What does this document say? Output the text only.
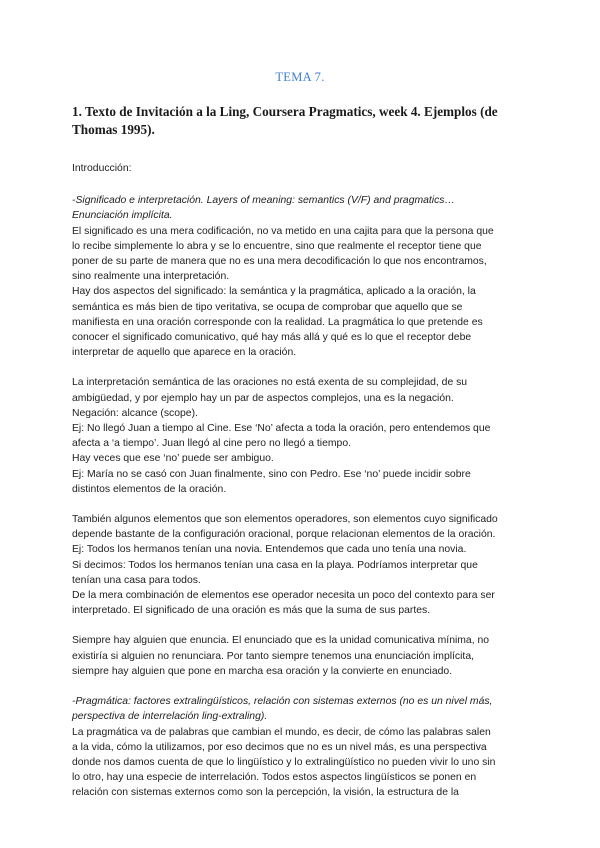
TEMA 7.
1. Texto de Invitación a la Ling, Coursera Pragmatics, week 4. Ejemplos (de Thomas 1995).
Introducción:
-Significado e interpretación. Layers of meaning: semantics (V/F) and pragmatics…
Enunciación implícita.
El significado es una mera codificación, no va metido en una cajita para que la persona que
lo recibe simplemente lo abra y se lo encuentre, sino que realmente el receptor tiene que
poner de su parte de manera que no es una mera decodificación lo que nos encontramos,
sino realmente una interpretación.
Hay dos aspectos del significado: la semántica y la pragmática, aplicado a la oración, la
semántica es más bien de tipo veritativa, se ocupa de comprobar que aquello que se
manifiesta en una oración corresponde con la realidad. La pragmática lo que pretende es
conocer el significado comunicativo, qué hay más allá y qué es lo que el receptor debe
interpretar de aquello que aparece en la oración.
La interpretación semántica de las oraciones no está exenta de su complejidad, de su
ambigüedad, y por ejemplo hay un par de aspectos complejos, una es la negación.
Negación: alcance (scope).
Ej: No llegó Juan a tiempo al Cine. Ese ‘No’ afecta a toda la oración, pero entendemos que
afecta a ‘a tiempo’. Juan llegó al cine pero no llegó a tiempo.
Hay veces que ese ‘no’ puede ser ambiguo.
Ej: María no se casó con Juan finalmente, sino con Pedro. Ese ‘no’ puede incidir sobre
distintos elementos de la oración.
También algunos elementos que son elementos operadores, son elementos cuyo significado
depende bastante de la configuración oracional, porque relacionan elementos de la oración.
Ej: Todos los hermanos tenían una novia. Entendemos que cada uno tenía una novia.
Si decimos: Todos los hermanos tenían una casa en la playa. Podríamos interpretar que
tenían una casa para todos.
De la mera combinación de elementos ese operador necesita un poco del contexto para ser
interpretado. El significado de una oración es más que la suma de sus partes.
Siempre hay alguien que enuncia. El enunciado que es la unidad comunicativa mínima, no
existiría si alguien no renunciara. Por tanto siempre tenemos una enunciación implícita,
siempre hay alguien que pone en marcha esa oración y la convierte en enunciado.
-Pragmática: factores extralingüísticos, relación con sistemas externos (no es un nivel más,
perspectiva de interrelación ling-extraling).
La pragmática va de palabras que cambian el mundo, es decir, de cómo las palabras salen
a la vida, cómo la utilizamos, por eso decimos que no es un nivel más, es una perspectiva
donde nos damos cuenta de que lo lingüístico y lo extralingüístico no pueden vivir lo uno sin
lo otro, hay una especie de interrelación. Todos estos aspectos lingüísticos se ponen en
relación con sistemas externos como son la percepción, la visión, la estructura de la
